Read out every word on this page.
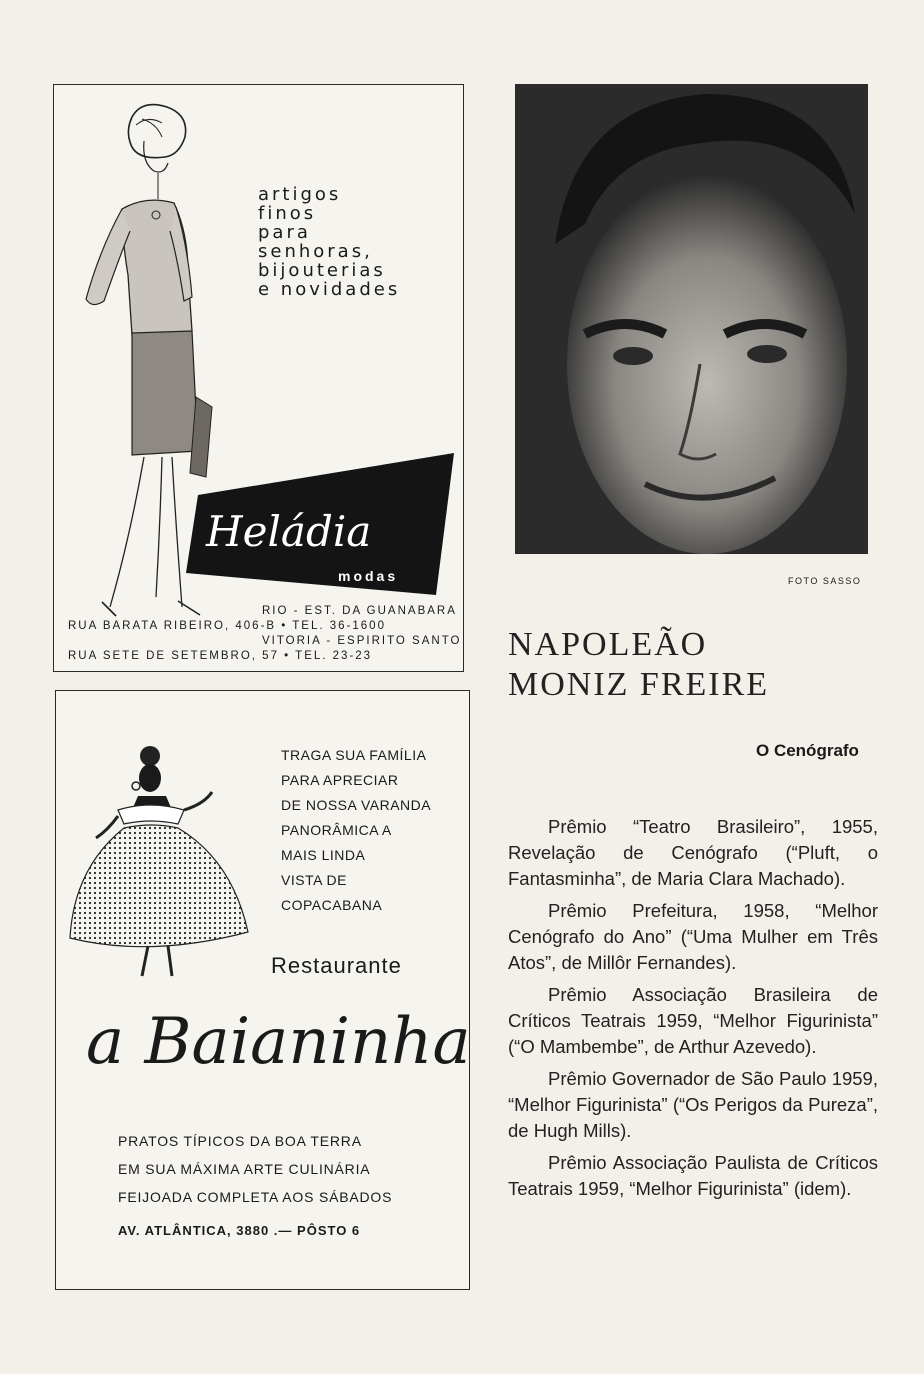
artigos
finos
para
senhoras,
bijouterias
e novidades
Heládia
modas
RIO - EST. DA GUANABARA
RUA BARATA RIBEIRO, 406-B • TEL. 36-1600
VITORIA - ESPIRITO SANTO
RUA SETE DE SETEMBRO, 57 • TEL. 23-23
TRAGA SUA FAMÍLIA
PARA APRECIAR
DE NOSSA VARANDA
PANORÂMICA A
MAIS LINDA
VISTA DE
COPACABANA
Restaurante
a Baianinha
PRATOS TÍPICOS DA BOA TERRA
EM SUA MÁXIMA ARTE CULINÁRIA
FEIJOADA COMPLETA AOS SÁBADOS
AV. ATLÂNTICA, 3880 .— PÔSTO 6
FOTO SASSO
NAPOLEÃO
MONIZ FREIRE
O Cenógrafo

Prêmio “Teatro Brasileiro”, 1955, Revelação de Cenógrafo (“Pluft, o Fantasminha”, de Maria Clara Machado).

Prêmio Prefeitura, 1958, “Melhor Cenógrafo do Ano” (“Uma Mulher em Três Atos”, de Millôr Fernandes).

Prêmio Associação Brasileira de Críticos Teatrais 1959, “Melhor Figurinista” (“O Mambembe”, de Arthur Azevedo).

Prêmio Governador de São Paulo 1959, “Melhor Figurinista” (“Os Perigos da Pureza”, de Hugh Mills).

Prêmio Associação Paulista de Críticos Teatrais 1959, “Melhor Figurinista” (idem).
